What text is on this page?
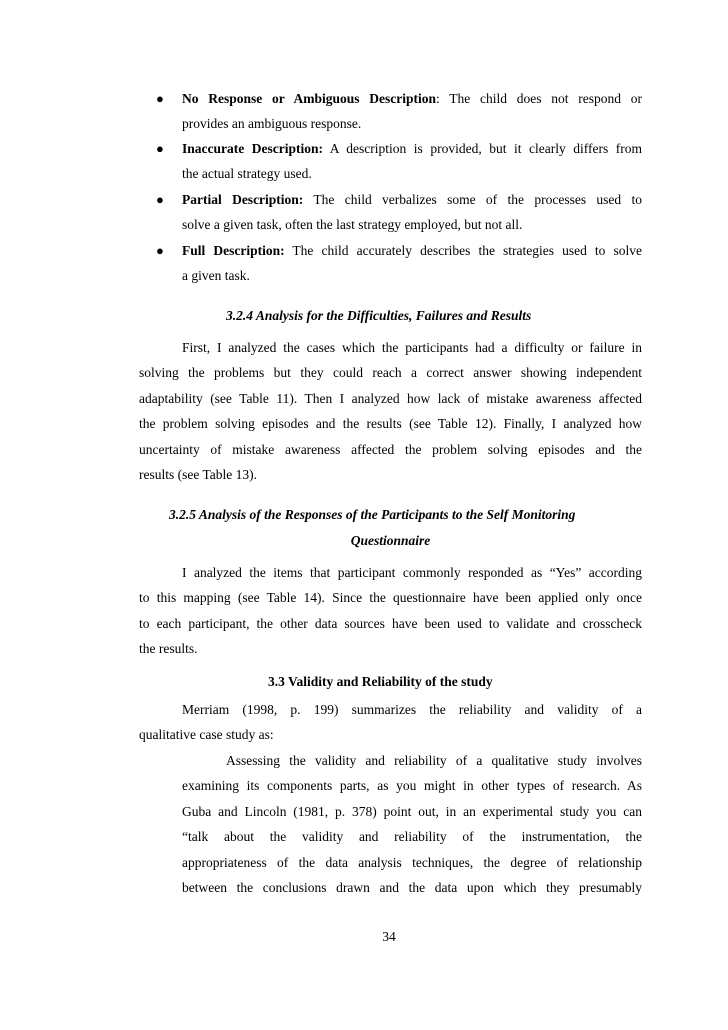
● No Response or Ambiguous Description: The child does not respond or
provides an ambiguous response.
● Inaccurate Description: A description is provided, but it clearly differs from
the actual strategy used.
● Partial Description: The child verbalizes some of the processes used to
solve a given task, often the last strategy employed, but not all.
● Full Description: The child accurately describes the strategies used to solve
a given task.
3.2.4 Analysis for the Difficulties, Failures and Results
First, I analyzed the cases which the participants had a difficulty or failure in
solving the problems but they could reach a correct answer showing independent
adaptability (see Table 11). Then I analyzed how lack of mistake awareness affected
the problem solving episodes and the results (see Table 12). Finally, I analyzed how
uncertainty of mistake awareness affected the problem solving episodes and the
results (see Table 13).
3.2.5 Analysis of the Responses of the Participants to the Self Monitoring
Questionnaire
I analyzed the items that participant commonly responded as “Yes” according
to this mapping (see Table 14). Since the questionnaire have been applied only once
to each participant, the other data sources have been used to validate and crosscheck
the results.
3.3 Validity and Reliability of the study
Merriam (1998, p. 199) summarizes the reliability and validity of a
qualitative case study as:
Assessing the validity and reliability of a qualitative study involves
examining its components parts, as you might in other types of research. As
Guba and Lincoln (1981, p. 378) point out, in an experimental study you can
“talk about the validity and reliability of the instrumentation, the
appropriateness of the data analysis techniques, the degree of relationship
between the conclusions drawn and the data upon which they presumably
34
